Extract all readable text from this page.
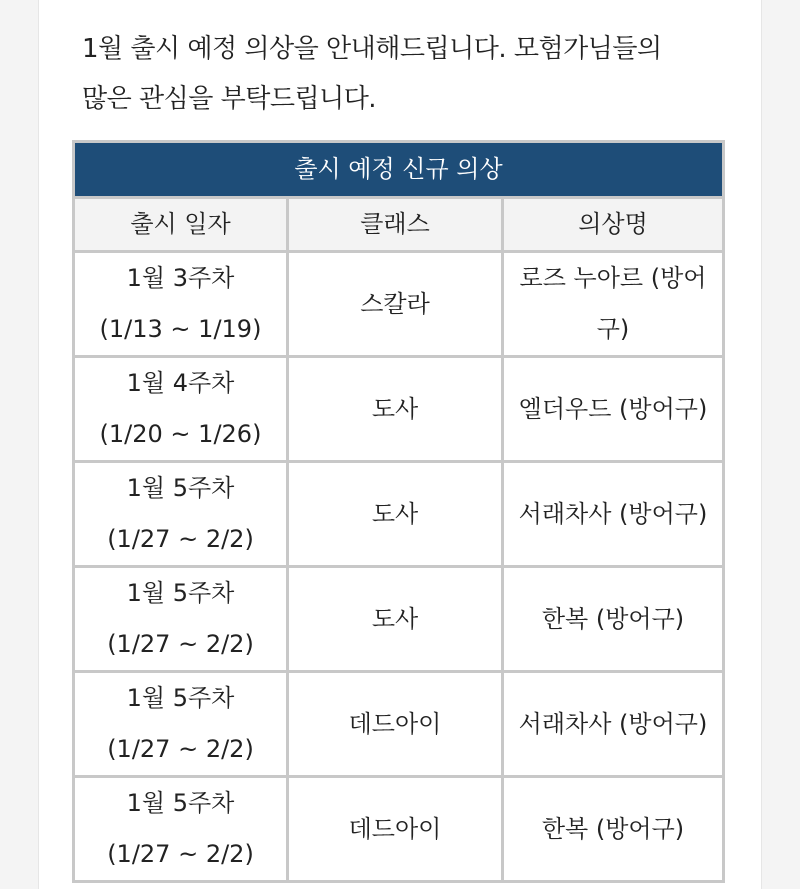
1월 출시 예정 의상을 안내해드립니다. 모험가님들의
많은 관심을 부탁드립니다.
출시 예정 신규 의상		
출시 일자	클래스	의상명

1월 3주차
(1/13 ~ 1/19)	스칼라	로즈 누아르 (방어구)

1월 4주차
(1/20 ~ 1/26)	도사	엘더우드 (방어구)

1월 5주차
(1/27 ~ 2/2)	도사	서래차사 (방어구)

1월 5주차
(1/27 ~ 2/2)	도사	한복 (방어구)

1월 5주차
(1/27 ~ 2/2)	데드아이	서래차사 (방어구)

1월 5주차
(1/27 ~ 2/2)	데드아이	한복 (방어구)
